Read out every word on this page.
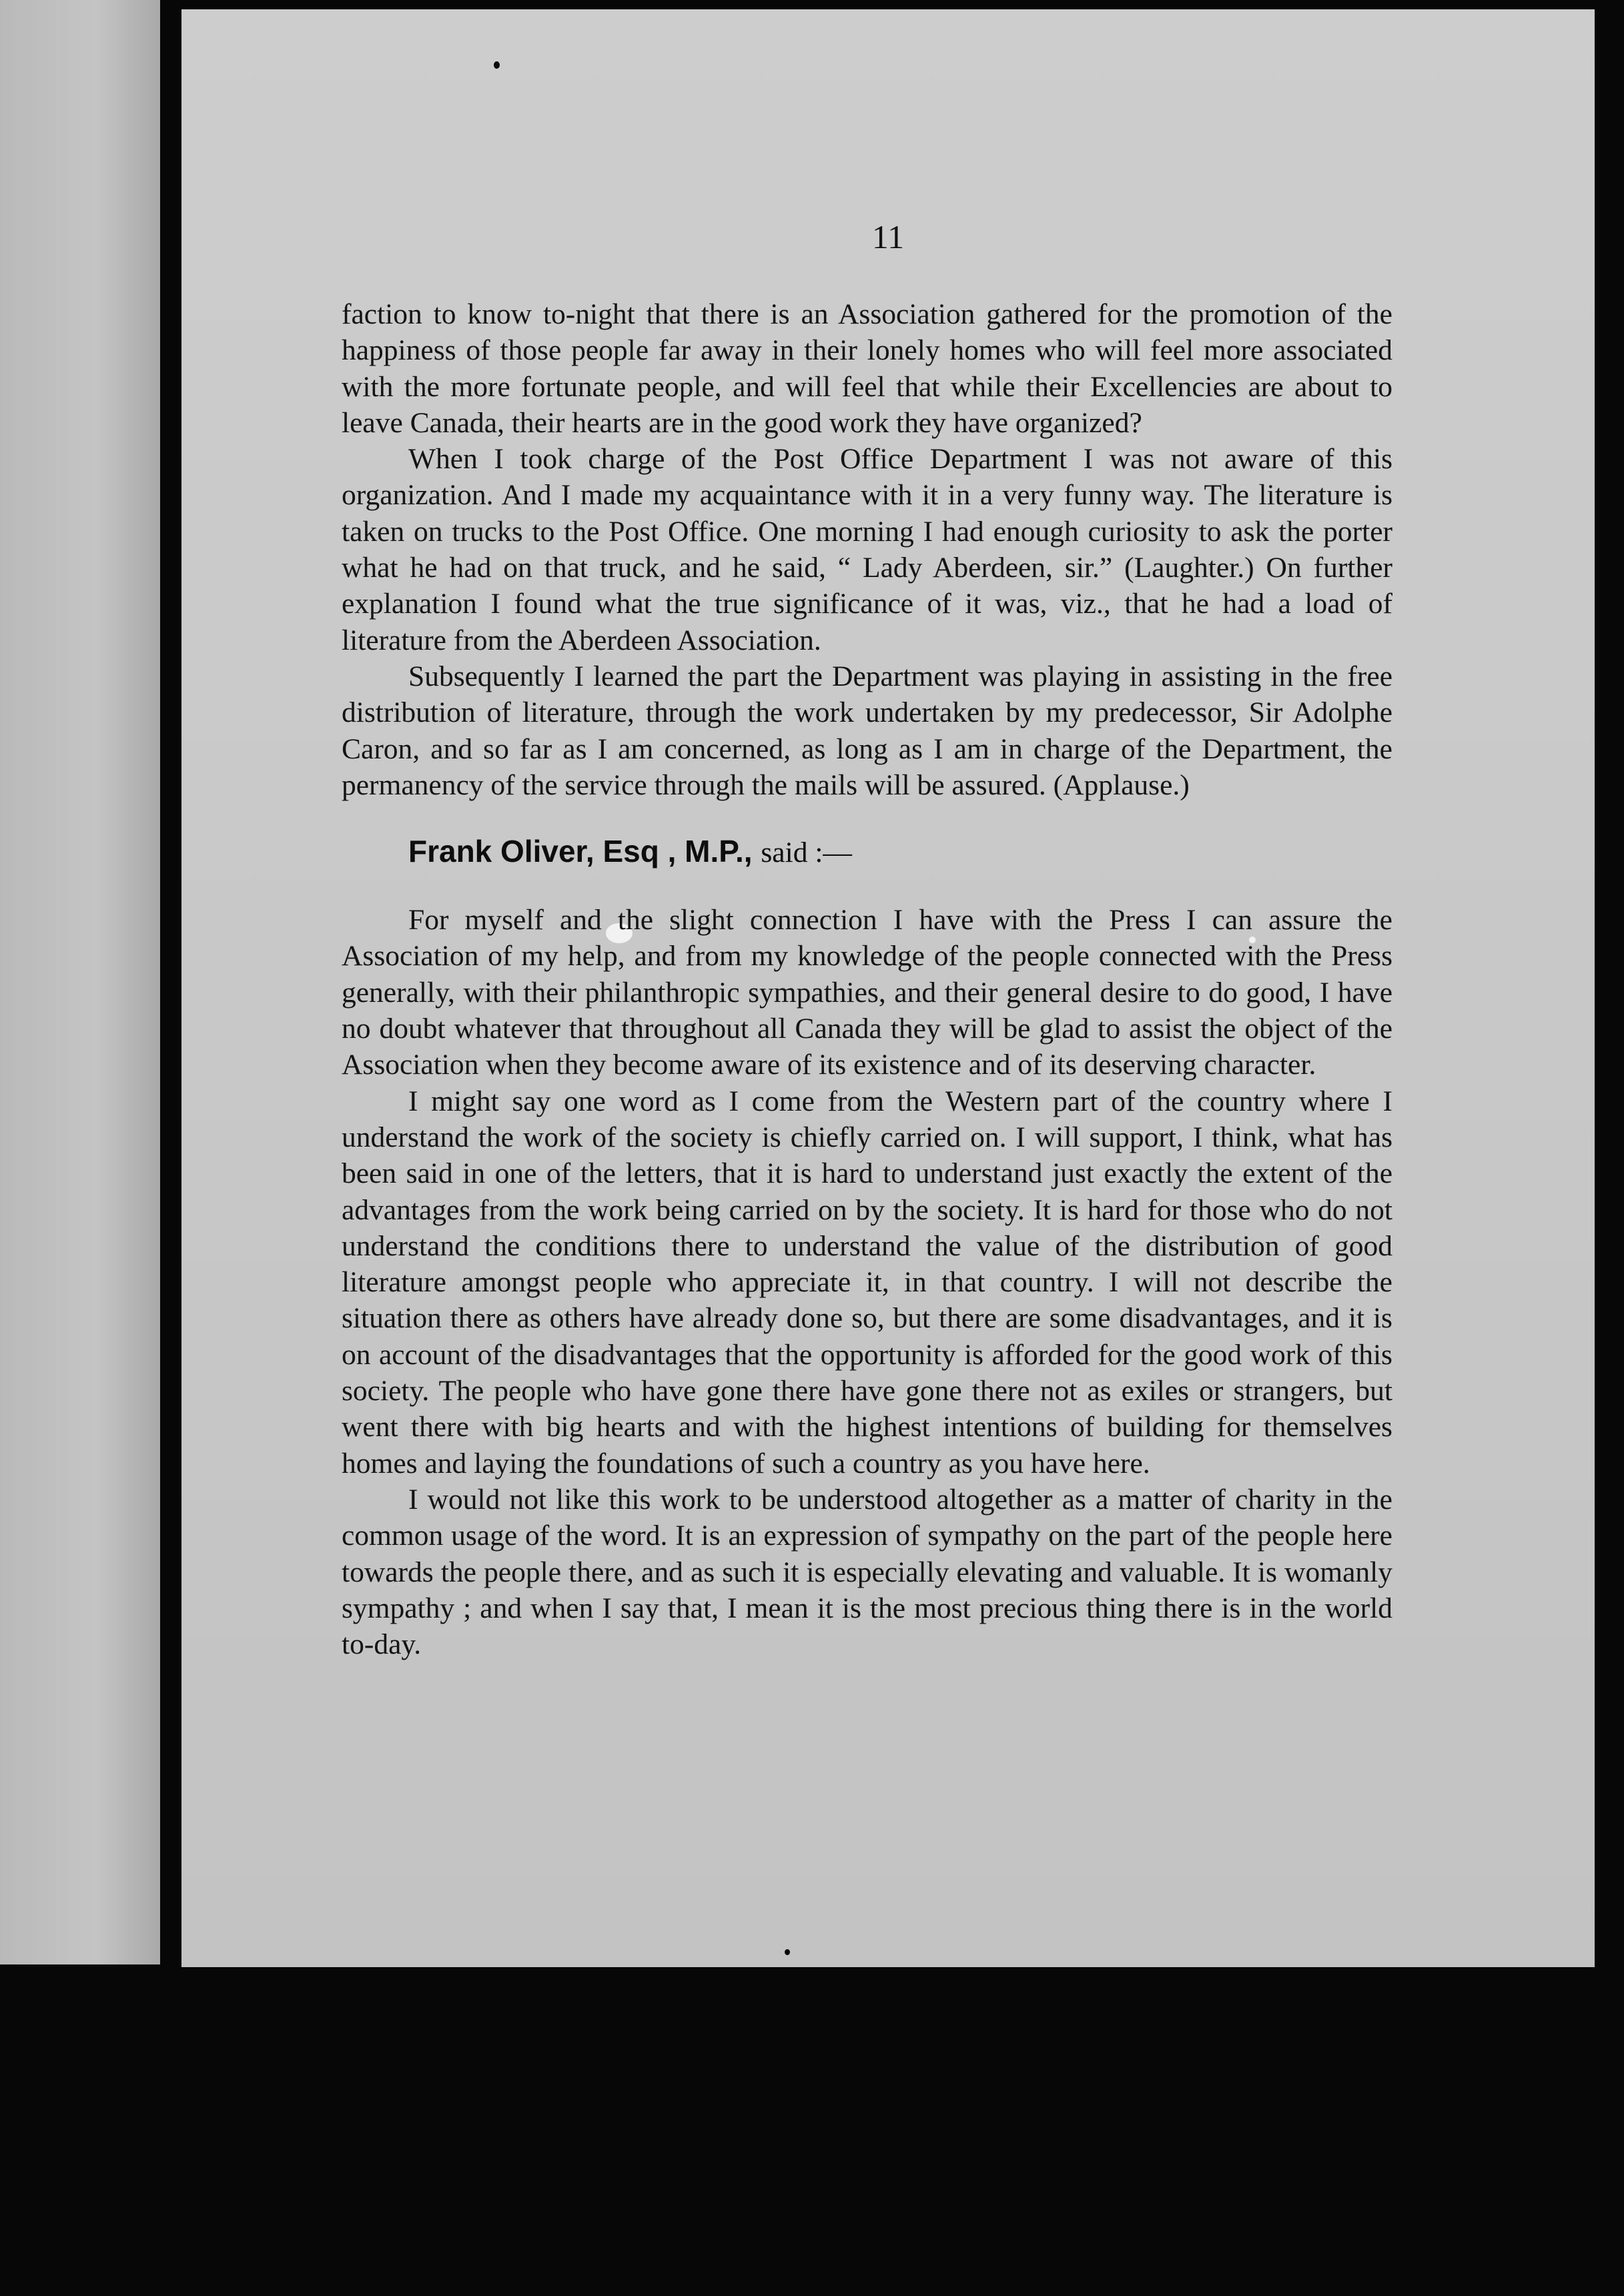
11

faction to know to-night that there is an Association gathered for the promotion of the happiness of those people far away in their lonely homes who will feel more associated with the more fortunate people, and will feel that while their Excellencies are about to leave Canada, their hearts are in the good work they have organized?

When I took charge of the Post Office Department I was not aware of this organization. And I made my acquaintance with it in a very funny way. The literature is taken on trucks to the Post Office. One morning I had enough curiosity to ask the porter what he had on that truck, and he said, “ Lady Aberdeen, sir.” (Laughter.) On further explanation I found what the true significance of it was, viz., that he had a load of literature from the Aberdeen Association.

Subsequently I learned the part the Department was playing in assisting in the free distribution of literature, through the work undertaken by my predecessor, Sir Adolphe Caron, and so far as I am concerned, as long as I am in charge of the Department, the permanency of the service through the mails will be assured. (Applause.)

Frank Oliver, Esq , M.P., said :—

For myself and the slight connection I have with the Press I can assure the Association of my help, and from my knowledge of the people connected with the Press generally, with their philanthropic sympathies, and their general desire to do good, I have no doubt whatever that throughout all Canada they will be glad to assist the object of the Association when they become aware of its existence and of its deserving character.

I might say one word as I come from the Western part of the country where I understand the work of the society is chiefly carried on. I will support, I think, what has been said in one of the letters, that it is hard to understand just exactly the extent of the advantages from the work being carried on by the society. It is hard for those who do not understand the conditions there to understand the value of the distribution of good literature amongst people who appreciate it, in that country. I will not describe the situation there as others have already done so, but there are some disadvantages, and it is on account of the disadvantages that the opportunity is afforded for the good work of this society. The people who have gone there have gone there not as exiles or strangers, but went there with big hearts and with the highest intentions of building for themselves homes and laying the foundations of such a country as you have here.

I would not like this work to be understood altogether as a matter of charity in the common usage of the word. It is an expression of sympathy on the part of the people here towards the people there, and as such it is especially elevating and valuable. It is womanly sympathy ; and when I say that, I mean it is the most precious thing there is in the world to-day.
